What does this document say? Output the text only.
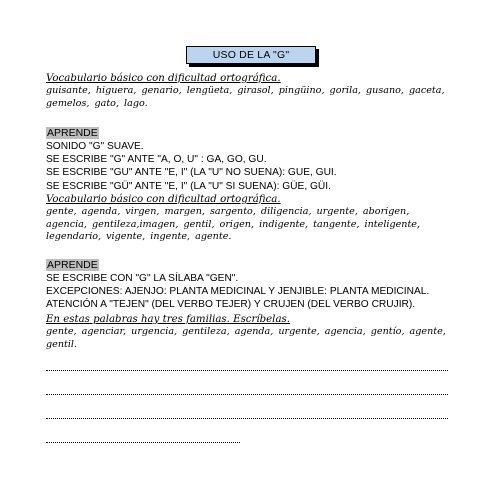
USO DE LA "G"
Vocabulario básico con dificultad ortográfica.
guisante, higuera, genario, lengüeta, girasol, pingüino, gorila, gusano, gaceta, gemelos, gato, lago.
APRENDE
SONIDO "G" SUAVE.
SE ESCRIBE "G" ANTE "A, O, U" : GA, GO, GU.
SE ESCRIBE "GU" ANTE "E, I" (LA "U" NO SUENA): GUE, GUI.
SE ESCRIBE "GÜ" ANTE "E, I" (LA "U" SI SUENA): GÜE, GÜI.
Vocabulario básico con dificultad ortográfica.
gente, agenda, virgen, margen, sargento, diligencia, urgente, aborigen, agencia, gentileza,imagen, gentil, origen, indigente, tangente, inteligente, legendario, vigente, ingente, agente.
APRENDE
SE ESCRIBE CON "G" LA SÍLABA "GEN".
EXCEPCIONES: AJENJO: PLANTA MEDICINAL Y JENJIBLE: PLANTA MEDICINAL.
ATENCIÓN A "TEJEN" (DEL VERBO TEJER) Y CRUJEN (DEL VERBO CRUJIR).
En estas palabras hay tres familias. Escríbelas.
gente, agenciar, urgencia, gentileza, agenda, urgente, agencia, gentío, agente, gentil.
